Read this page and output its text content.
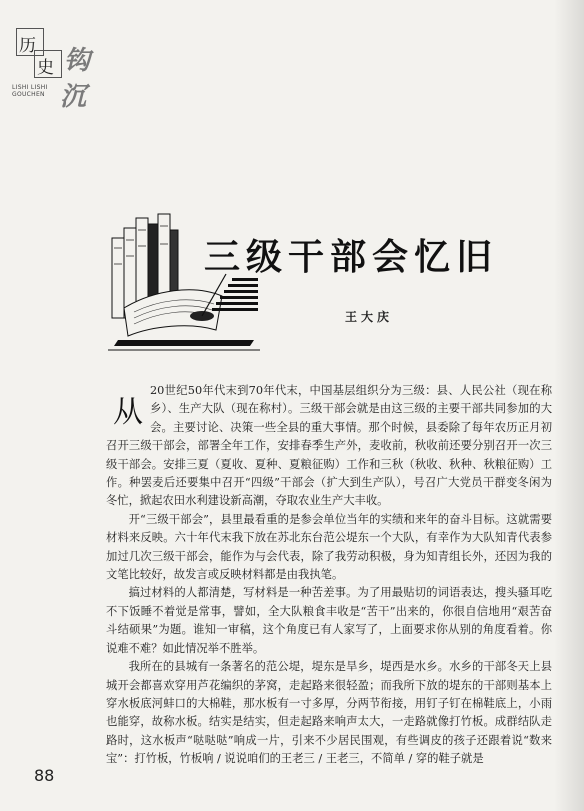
历
史
LISHI LISHI
GOUCHEN
钩
沉
三级干部会忆旧

王大庆

从

20世纪50年代末到70年代末，中国基层组织分为三级：县、人民公社（现在称乡）、生产大队（现在称村）。三级干部会就是由这三级的主要干部共同参加的大会。主要讨论、决策一些全县的重大事情。那个时候，县委除了每年农历正月初召开三级干部会，部署全年工作，安排春季生产外，麦收前，秋收前还要分别召开一次三级干部会。安排三夏（夏收、夏种、夏粮征购）工作和三秋（秋收、秋种、秋粮征购）工作。种罢麦后还要集中召开“四级”干部会（扩大到生产队），号召广大党员干群变冬闲为冬忙，掀起农田水利建设新高潮，夺取农业生产大丰收。

开“三级干部会”，县里最看重的是参会单位当年的实绩和来年的奋斗目标。这就需要材料来反映。六十年代末我下放在苏北东台范公堤东一个大队，有幸作为大队知青代表参加过几次三级干部会，能作为与会代表，除了我劳动积极，身为知青组长外，还因为我的文笔比较好，故发言或反映材料都是由我执笔。

搞过材料的人都清楚，写材料是一种苦差事。为了用最贴切的词语表达，搜头骚耳吃不下饭睡不着觉是常事，譬如，全大队粮食丰收是“苦干”出来的，你很自信地用“艰苦奋斗结硕果”为题。谁知一审稿，这个角度已有人家写了，上面要求你从别的角度看着。你说难不难？如此情况举不胜举。

我所在的县城有一条著名的范公堤，堤东是旱乡，堤西是水乡。水乡的干部冬天上县城开会都喜欢穿用芦花编织的茅窝，走起路来很轻盈；而我所下放的堤东的干部则基本上穿水板底河蚌口的大棉鞋，那水板有一寸多厚，分两节衔接，用钉子钉在棉鞋底上，小雨也能穿，故称水板。结实是结实，但走起路来响声太大，一走路就像打竹板。成群结队走路时，这水板声“哒哒哒”响成一片，引来不少居民围观，有些调皮的孩子还跟着说“数来宝”：打竹板，竹板响 / 说说咱们的王老三 / 王老三，不简单 / 穿的鞋子就是

88
